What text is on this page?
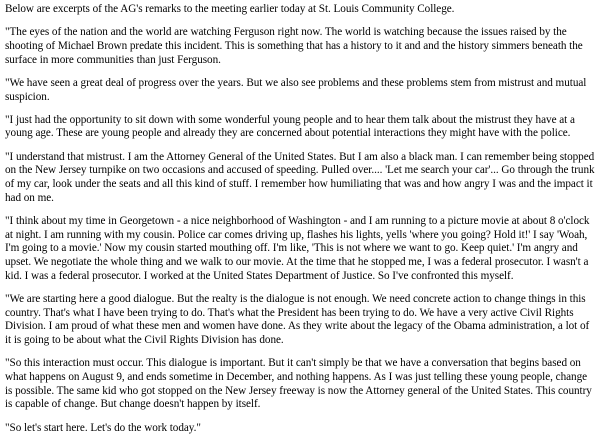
Below are excerpts of the AG's remarks to the meeting earlier today at St. Louis Community College.

"The eyes of the nation and the world are watching Ferguson right now. The world is watching because the issues raised by the shooting of Michael Brown predate this incident. This is something that has a history to it and and the history simmers beneath the surface in more communities than just Ferguson.

"We have seen a great deal of progress over the years. But we also see problems and these problems stem from mistrust and mutual suspicion.

"I just had the opportunity to sit down with some wonderful young people and to hear them talk about the mistrust they have at a young age. These are young people and already they are concerned about potential interactions they might have with the police.

"I understand that mistrust. I am the Attorney General of the United States. But I am also a black man. I can remember being stopped on the New Jersey turnpike on two occasions and accused of speeding. Pulled over.... 'Let me search your car'... Go through the trunk of my car, look under the seats and all this kind of stuff. I remember how humiliating that was and how angry I was and the impact it had on me.

"I think about my time in Georgetown - a nice neighborhood of Washington - and I am running to a picture movie at about 8 o'clock at night. I am running with my cousin. Police car comes driving up, flashes his lights, yells 'where you going? Hold it!' I say 'Woah, I'm going to a movie.' Now my cousin started mouthing off. I'm like, 'This is not where we want to go. Keep quiet.' I'm angry and upset. We negotiate the whole thing and we walk to our movie. At the time that he stopped me, I was a federal prosecutor. I wasn't a kid. I was a federal prosecutor. I worked at the United States Department of Justice. So I've confronted this myself.

"We are starting here a good dialogue. But the realty is the dialogue is not enough. We need concrete action to change things in this country. That's what I have been trying to do. That's what the President has been trying to do. We have a very active Civil Rights Division. I am proud of what these men and women have done. As they write about the legacy of the Obama administration, a lot of it is going to be about what the Civil Rights Division has done.

"So this interaction must occur. This dialogue is important. But it can't simply be that we have a conversation that begins based on what happens on August 9, and ends sometime in December, and nothing happens. As I was just telling these young people, change is possible. The same kid who got stopped on the New Jersey freeway is now the Attorney general of the United States. This country is capable of change. But change doesn't happen by itself.

"So let's start here. Let's do the work today."
